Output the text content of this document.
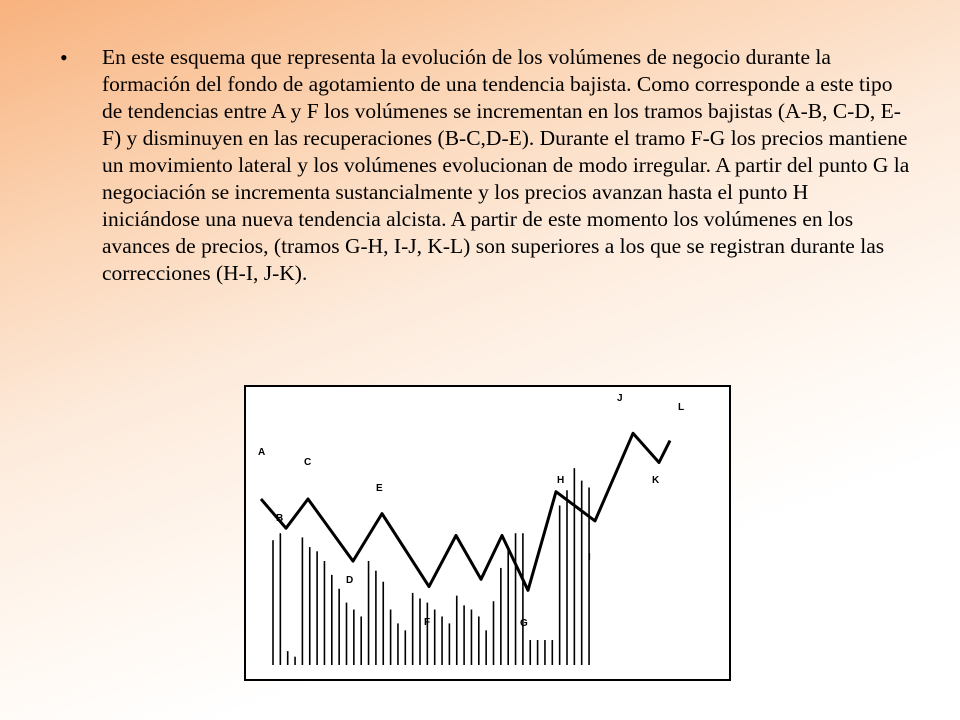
•	En este esquema que representa la evolución de los volúmenes de negocio durante la formación del fondo de agotamiento de una tendencia bajista. Como corresponde a este tipo de tendencias entre A y F los volúmenes se incrementan en los tramos bajistas (A-B, C-D, E-F) y disminuyen en las recuperaciones (B-C,D-E). Durante el tramo F-G los precios mantiene un movimiento lateral y los volúmenes evolucionan de modo irregular. A partir del punto G la negociación se incrementa sustancialmente y los precios avanzan hasta el punto H iniciándose una nueva tendencia alcista. A partir de este momento los volúmenes en los avances de precios, (tramos G-H, I-J, K-L) son superiores a los que se registran durante las correcciones (H-I, J-K).

A
B
C
D
E
F	G
H
I
J
K
L
